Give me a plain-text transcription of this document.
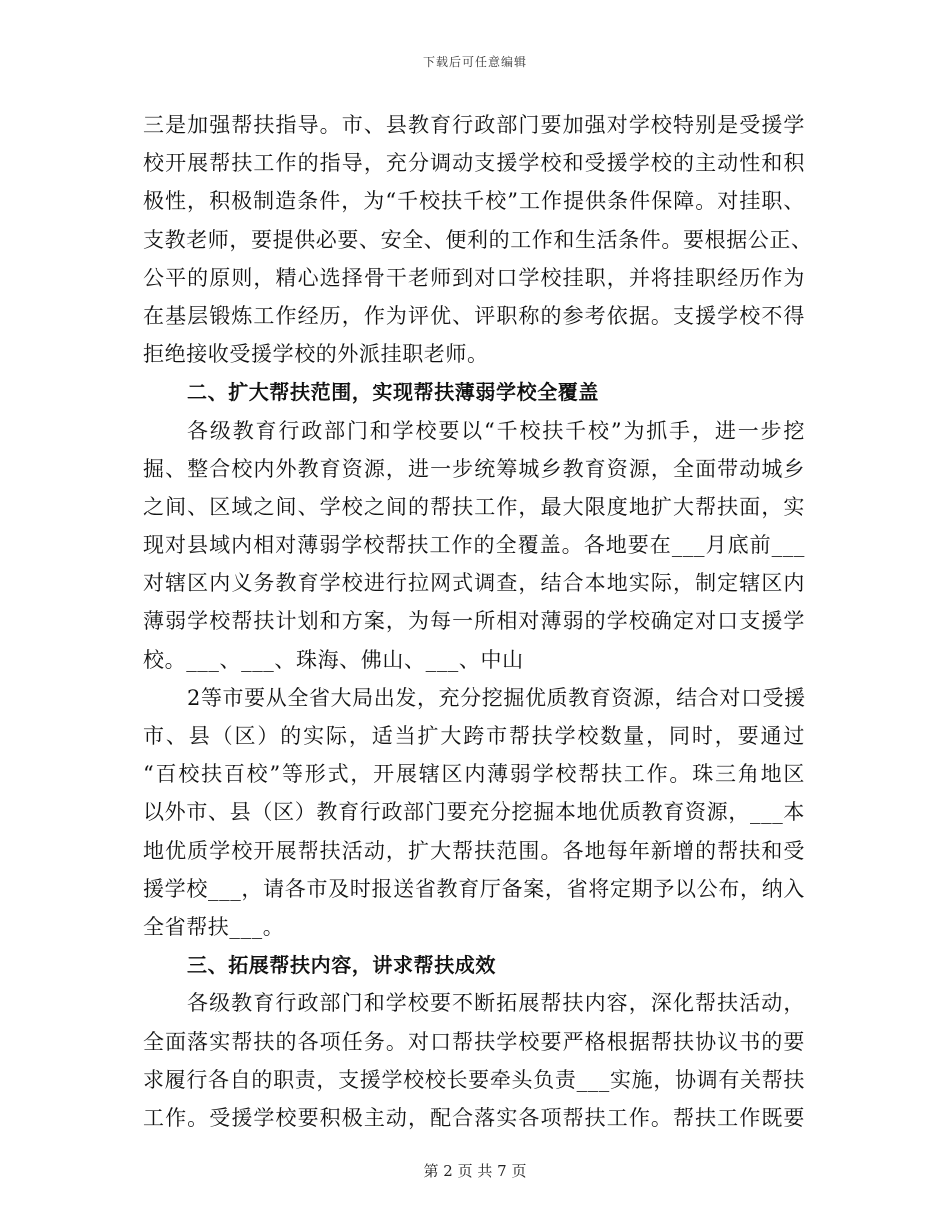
下载后可任意编辑
三是加强帮扶指导。市、县教育行政部门要加强对学校特别是受援学
校开展帮扶工作的指导，充分调动支援学校和受援学校的主动性和积
极性，积极制造条件，为“千校扶千校”工作提供条件保障。对挂职、
支教老师，要提供必要、安全、便利的工作和生活条件。要根据公正、
公平的原则，精心选择骨干老师到对口学校挂职，并将挂职经历作为
在基层锻炼工作经历，作为评优、评职称的参考依据。支援学校不得
拒绝接收受援学校的外派挂职老师。
二、扩大帮扶范围，实现帮扶薄弱学校全覆盖
各级教育行政部门和学校要以“千校扶千校”为抓手，进一步挖
掘、整合校内外教育资源，进一步统筹城乡教育资源，全面带动城乡
之间、区域之间、学校之间的帮扶工作，最大限度地扩大帮扶面，实
现对县域内相对薄弱学校帮扶工作的全覆盖。各地要在___月底前___
对辖区内义务教育学校进行拉网式调查，结合本地实际，制定辖区内
薄弱学校帮扶计划和方案，为每一所相对薄弱的学校确定对口支援学
校。___、___、珠海、佛山、___、中山
2等市要从全省大局出发，充分挖掘优质教育资源，结合对口受援
市、县（区）的实际，适当扩大跨市帮扶学校数量，同时，要通过
“百校扶百校”等形式，开展辖区内薄弱学校帮扶工作。珠三角地区
以外市、县（区）教育行政部门要充分挖掘本地优质教育资源，___本
地优质学校开展帮扶活动，扩大帮扶范围。各地每年新增的帮扶和受
援学校___，请各市及时报送省教育厅备案，省将定期予以公布，纳入
全省帮扶___。
三、拓展帮扶内容，讲求帮扶成效
各级教育行政部门和学校要不断拓展帮扶内容，深化帮扶活动，
全面落实帮扶的各项任务。对口帮扶学校要严格根据帮扶协议书的要
求履行各自的职责，支援学校校长要牵头负责___实施，协调有关帮扶
工作。受援学校要积极主动，配合落实各项帮扶工作。帮扶工作既要
第 2 页 共 7 页
